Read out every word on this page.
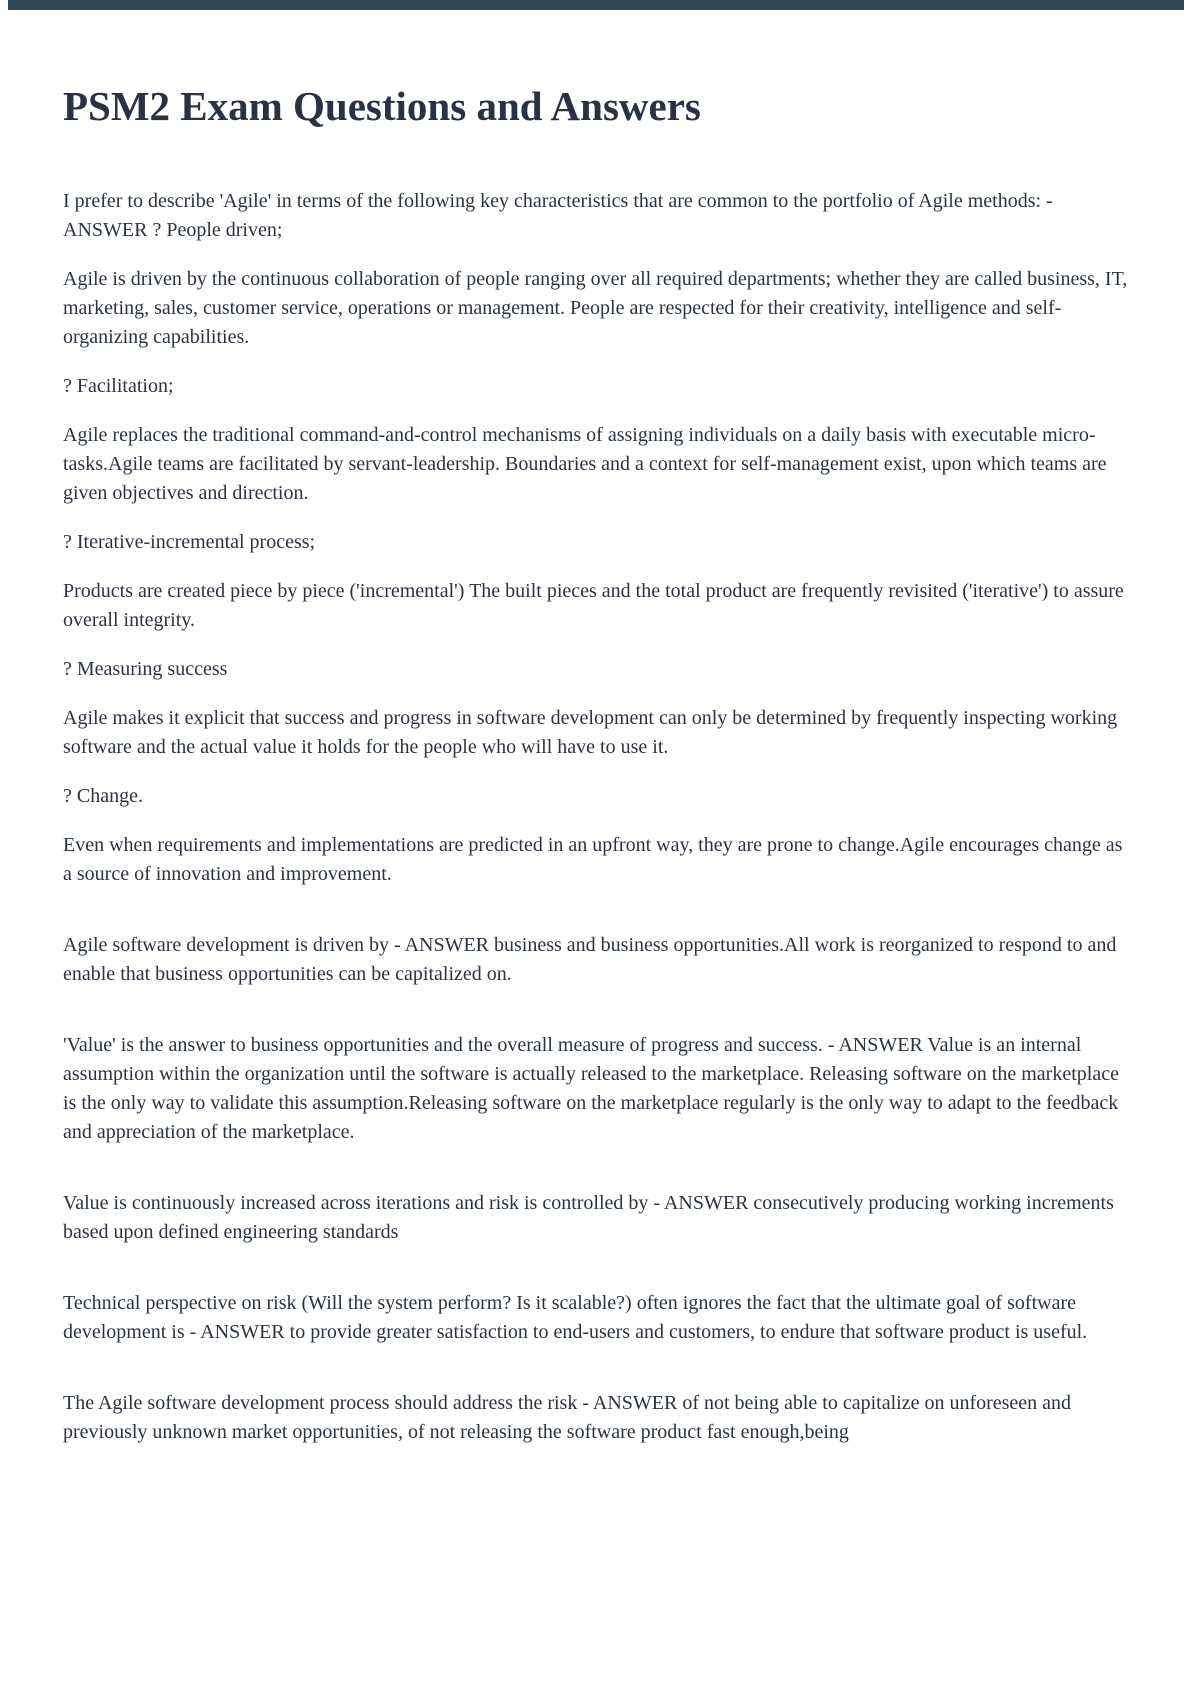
PSM2 Exam Questions and Answers

I prefer to describe 'Agile' in terms of the following key characteristics that are common to the portfolio of Agile methods: - ANSWER ? People driven;

Agile is driven by the continuous collaboration of people ranging over all required departments; whether they are called business, IT, marketing, sales, customer service, operations or management. People are respected for their creativity, intelligence and self-organizing capabilities.

? Facilitation;

Agile replaces the traditional command-and-control mechanisms of assigning individuals on a daily basis with executable micro-tasks.Agile teams are facilitated by servant-leadership. Boundaries and a context for self-management exist, upon which teams are given objectives and direction.

? Iterative-incremental process;

Products are created piece by piece ('incremental') The built pieces and the total product are frequently revisited ('iterative') to assure overall integrity.

? Measuring success

Agile makes it explicit that success and progress in software development can only be determined by frequently inspecting working software and the actual value it holds for the people who will have to use it.

? Change.

Even when requirements and implementations are predicted in an upfront way, they are prone to change.Agile encourages change as a source of innovation and improvement.

Agile software development is driven by - ANSWER business and business opportunities.All work is reorganized to respond to and enable that business opportunities can be capitalized on.

'Value' is the answer to business opportunities and the overall measure of progress and success. - ANSWER Value is an internal assumption within the organization until the software is actually released to the marketplace. Releasing software on the marketplace is the only way to validate this assumption.Releasing software on the marketplace regularly is the only way to adapt to the feedback and appreciation of the marketplace.

Value is continuously increased across iterations and risk is controlled by - ANSWER consecutively producing working increments based upon defined engineering standards

Technical perspective on risk (Will the system perform? Is it scalable?) often ignores the fact that the ultimate goal of software development is - ANSWER to provide greater satisfaction to end-users and customers, to endure that software product is useful.

The Agile software development process should address the risk - ANSWER of not being able to capitalize on unforeseen and previously unknown market opportunities, of not releasing the software product fast enough,being
